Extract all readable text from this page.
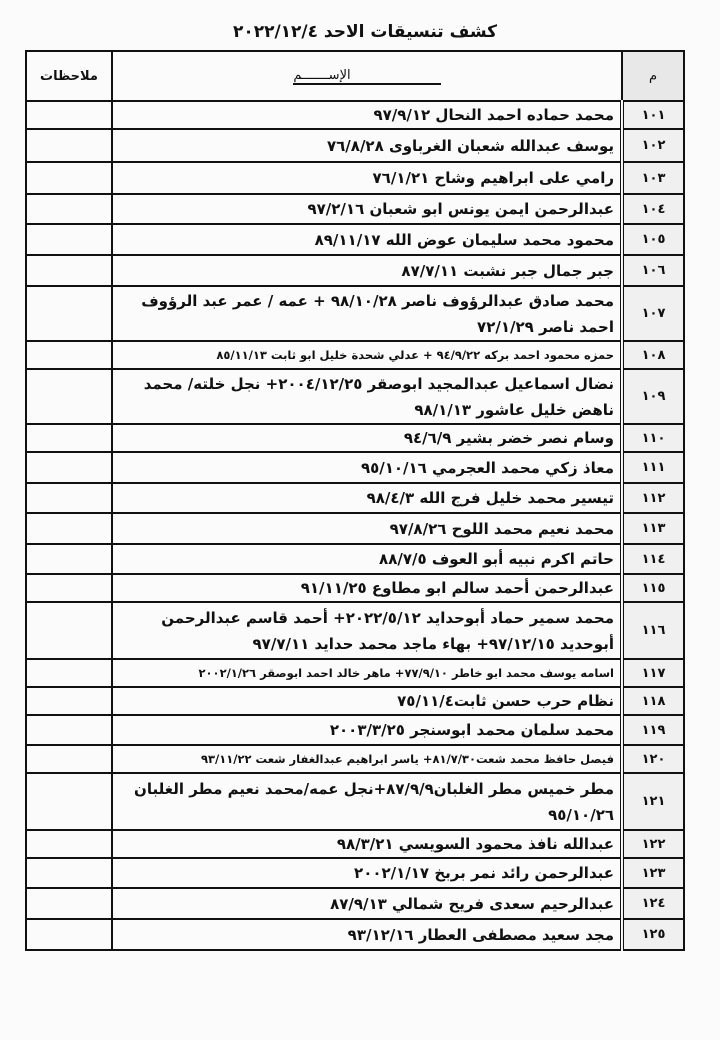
كشف تنسيقات الاحد ٢٠٢٢/١٢/٤
م	الإســـــــم	ملاحظات
١٠١	محمد حماده احمد النحال ٩٧/٩/١٢	
١٠٢	يوسف عبدالله شعبان الغرباوى ٧٦/٨/٢٨	
١٠٣	رامي على ابراهيم وشاح ٧٦/١/٢١	
١٠٤	عبدالرحمن ايمن يونس ابو شعبان ٩٧/٢/١٦	
١٠٥	محمود محمد سليمان عوض الله ٨٩/١١/١٧	
١٠٦	جبر جمال جبر نشبت ٨٧/٧/١١	
١٠٧	محمد صادق عبدالرؤوف ناصر ٩٨/١٠/٢٨ + عمه / عمر عبد الرؤوف احمد ناصر ٧٢/١/٢٩	
١٠٨	حمزه محمود احمد بركه ٩٤/٩/٢٢ + عدلي شحدة خليل ابو ثابت ٨٥/١١/١٣	
١٠٩	نضال اسماعيل عبدالمجيد ابوصقر ٢٠٠٤/١٢/٢٥+ نجل خلته/ محمد ناهض خليل عاشور ٩٨/١/١٣	
١١٠	وسام نصر خضر بشير ٩٤/٦/٩	
١١١	معاذ زكي محمد العجرمي ٩٥/١٠/١٦	
١١٢	تيسير محمد خليل فرج الله ٩٨/٤/٣	
١١٣	محمد نعيم محمد اللوح ٩٧/٨/٢٦	
١١٤	حاتم اكرم نبيه أبو العوف ٨٨/٧/٥	
١١٥	عبدالرحمن أحمد سالم ابو مطاوع ٩١/١١/٢٥	
١١٦	محمد سمير حماد أبوحدايد ٢٠٢٢/٥/١٢+ أحمد قاسم عبدالرحمن أبوحديد ٩٧/١٢/١٥+ بهاء ماجد محمد حدايد ٩٧/٧/١١	
١١٧	اسامه يوسف محمد ابو خاطر ٧٧/٩/١٠+ ماهر خالد احمد ابوصقر ٢٠٠٢/١/٢٦	
١١٨	نظام حرب حسن ثابت٧٥/١١/٤	
١١٩	محمد سلمان محمد ابوسنجر ٢٠٠٣/٣/٢٥	
١٢٠	فيصل حافظ محمد شعت٨١/٧/٣٠+ ياسر ابراهيم عبدالغفار شعت ٩٣/١١/٢٢	
١٢١	مطر خميس مطر الغلبان٨٧/٩/٩+نجل عمه/محمد نعيم مطر الغلبان ٩٥/١٠/٢٦	
١٢٢	عبدالله نافذ محمود السويسي ٩٨/٣/٢١	
١٢٣	عبدالرحمن رائد نمر بربخ ٢٠٠٢/١/١٧	
١٢٤	عبدالرحيم سعدى فريح شمالي ٨٧/٩/١٣	
١٢٥	مجد سعيد مصطفى العطار ٩٣/١٢/١٦	
